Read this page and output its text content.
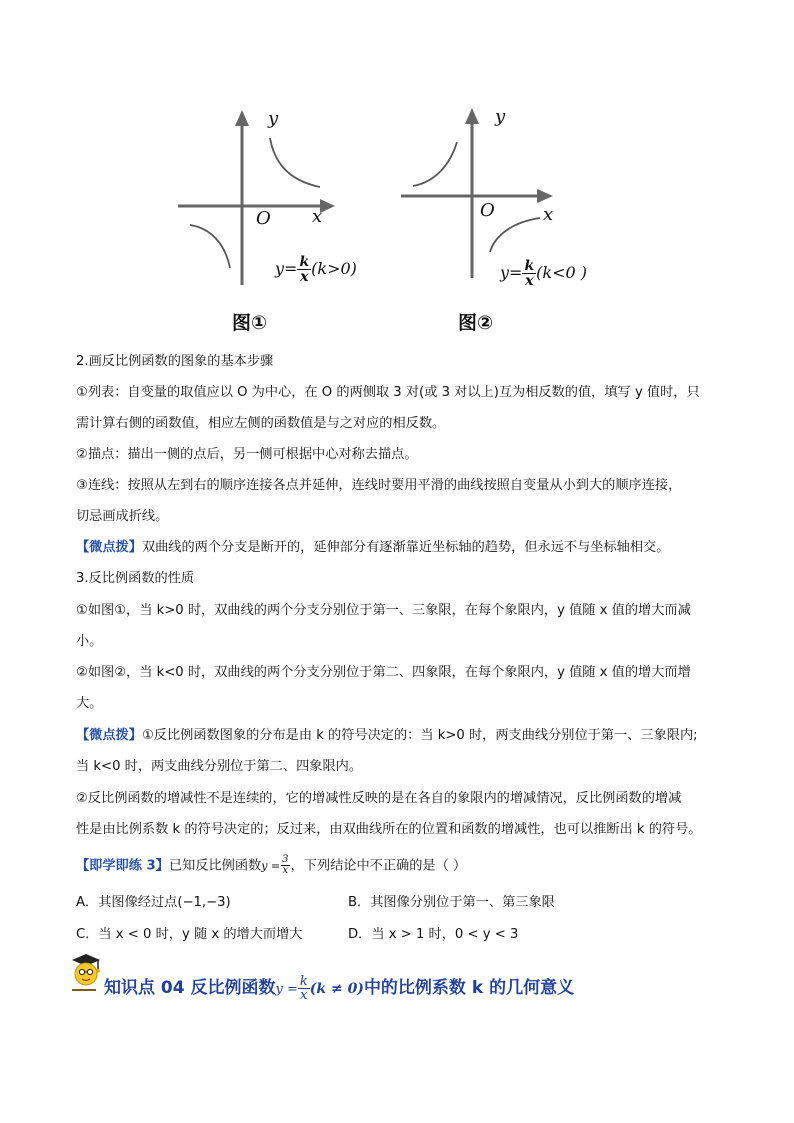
y
x
O
$y= \frac{k}{x} (k>0)$
图①
y
x
O
$y= \frac{k}{x} (k<0$ )
图②
2.画反比例函数的图象的基本步骤
①列表：自变量的取值应以 O 为中心，在 O 的两侧取 3 对(或 3 对以上)互为相反数的值，填写 y 值时，只
需计算右侧的函数值，相应左侧的函数值是与之对应的相反数。
②描点：描出一侧的点后，另一侧可根据中心对称去描点。
③连线：按照从左到右的顺序连接各点并延伸，连线时要用平滑的曲线按照自变量从小到大的顺序连接，
切忌画成折线。
【微点拨】双曲线的两个分支是断开的，延伸部分有逐渐靠近坐标轴的趋势，但永远不与坐标轴相交。
3.反比例函数的性质
①如图①，当 k>0 时，双曲线的两个分支分别位于第一、三象限，在每个象限内，y 值随 x 值的增大而减
小。
②如图②，当 k<0 时，双曲线的两个分支分别位于第二、四象限，在每个象限内，y 值随 x 值的增大而增
大。
【微点拨】①反比例函数图象的分布是由 k 的符号决定的：当 k>0 时，两支曲线分别位于第一、三象限内;
当 k<0 时，两支曲线分别位于第二、四象限内。
②反比例函数的增减性不是连续的，它的增减性反映的是在各自的象限内的增减情况，反比例函数的增减
性是由比例系数 k 的符号决定的；反过来，由双曲线所在的位置和函数的增减性，也可以推断出 k 的符号。
【即学即练 3】已知反比例函数$y = \frac{3}{x}$ ，下列结论中不正确的是（ ）
A．其图像经过点(−1,−3)	B．其图像分别位于第一、第三象限
C．当 x < 0 时，y 随 x 的增大而增大	D．当 x > 1 时，0 < y < 3
知识点 04 反比例函数$y = \frac{k}{x} (k \ne 0)$中的比例系数 k 的几何意义
